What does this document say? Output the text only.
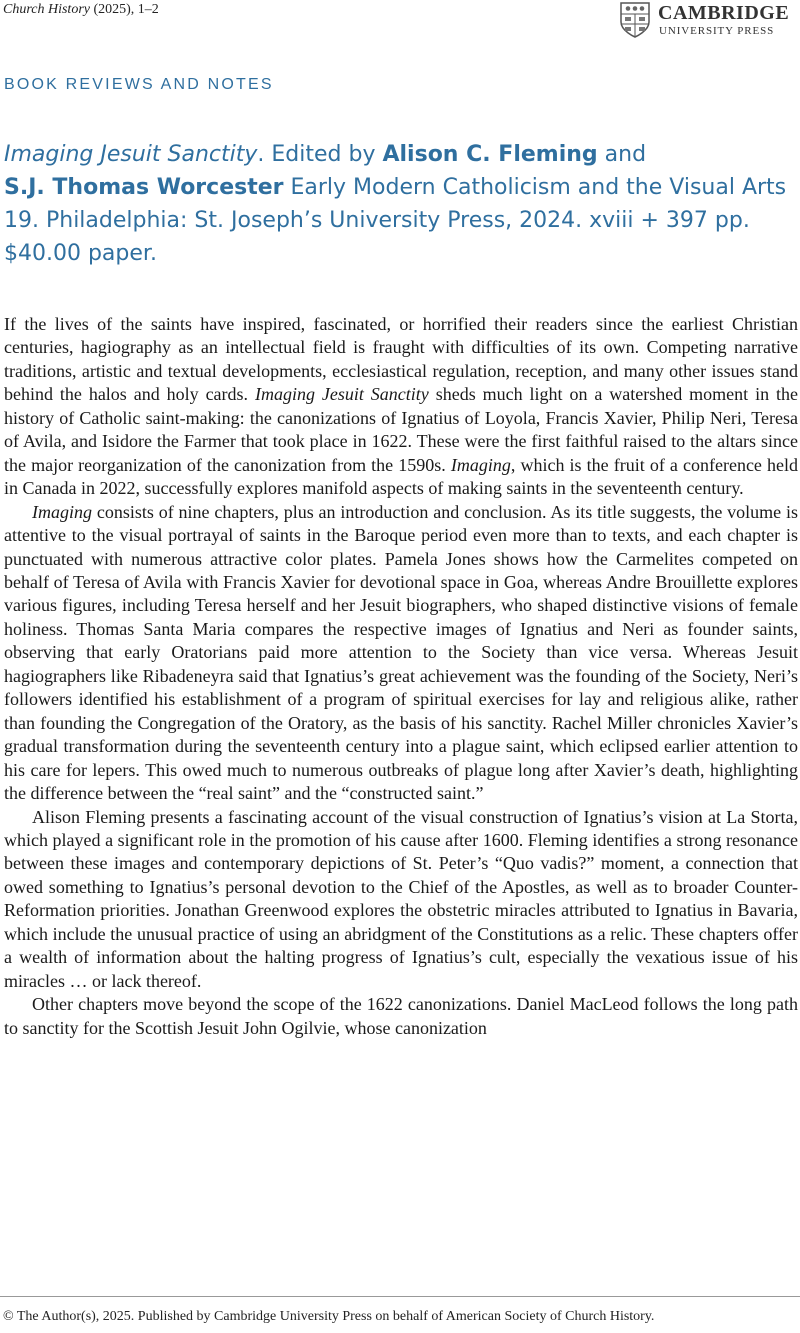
Church History (2025), 1–2	CAMBRIDGE
UNIVERSITY PRESS
BOOK REVIEWS AND NOTES
Imaging Jesuit Sanctity. Edited by Alison C. Fleming and
S.J. Thomas Worcester Early Modern Catholicism and the Visual Arts 19. Philadelphia: St. Joseph’s University Press, 2024. xviii + 397 pp. $40.00 paper.

If the lives of the saints have inspired, fascinated, or horrified their readers since the earliest Christian centuries, hagiography as an intellectual field is fraught with difficulties of its own. Competing narrative traditions, artistic and textual developments, ecclesiastical regulation, reception, and many other issues stand behind the halos and holy cards. Imaging Jesuit Sanctity sheds much light on a watershed moment in the history of Catholic saint-making: the canonizations of Ignatius of Loyola, Francis Xavier, Philip Neri, Teresa of Avila, and Isidore the Farmer that took place in 1622. These were the first faithful raised to the altars since the major reorganization of the canonization from the 1590s. Imaging, which is the fruit of a conference held in Canada in 2022, successfully explores manifold aspects of making saints in the seventeenth century.

Imaging consists of nine chapters, plus an introduction and conclusion. As its title suggests, the volume is attentive to the visual portrayal of saints in the Baroque period even more than to texts, and each chapter is punctuated with numerous attractive color plates. Pamela Jones shows how the Carmelites competed on behalf of Teresa of Avila with Francis Xavier for devotional space in Goa, whereas Andre Brouillette explores various figures, including Teresa herself and her Jesuit biographers, who shaped distinctive visions of female holiness. Thomas Santa Maria compares the respective images of Ignatius and Neri as founder saints, observing that early Oratorians paid more attention to the Society than vice versa. Whereas Jesuit hagiographers like Ribadeneyra said that Ignatius’s great achievement was the founding of the Society, Neri’s followers identified his establishment of a program of spiritual exercises for lay and religious alike, rather than founding the Congregation of the Oratory, as the basis of his sanctity. Rachel Miller chronicles Xavier’s gradual transformation during the seventeenth century into a plague saint, which eclipsed earlier attention to his care for lepers. This owed much to numerous outbreaks of plague long after Xavier’s death, highlighting the difference between the “real saint” and the “constructed saint.”

Alison Fleming presents a fascinating account of the visual construction of Ignatius’s vision at La Storta, which played a significant role in the promotion of his cause after 1600. Fleming identifies a strong resonance between these images and contemporary depictions of St. Peter’s “Quo vadis?” moment, a connection that owed something to Ignatius’s personal devotion to the Chief of the Apostles, as well as to broader Counter-Reformation priorities. Jonathan Greenwood explores the obstetric miracles attributed to Ignatius in Bavaria, which include the unusual practice of using an abridgment of the Constitutions as a relic. These chapters offer a wealth of information about the halting progress of Ignatius’s cult, especially the vexatious issue of his miracles … or lack thereof.

Other chapters move beyond the scope of the 1622 canonizations. Daniel MacLeod follows the long path to sanctity for the Scottish Jesuit John Ogilvie, whose canonization

© The Author(s), 2025. Published by Cambridge University Press on behalf of American Society of Church History.
